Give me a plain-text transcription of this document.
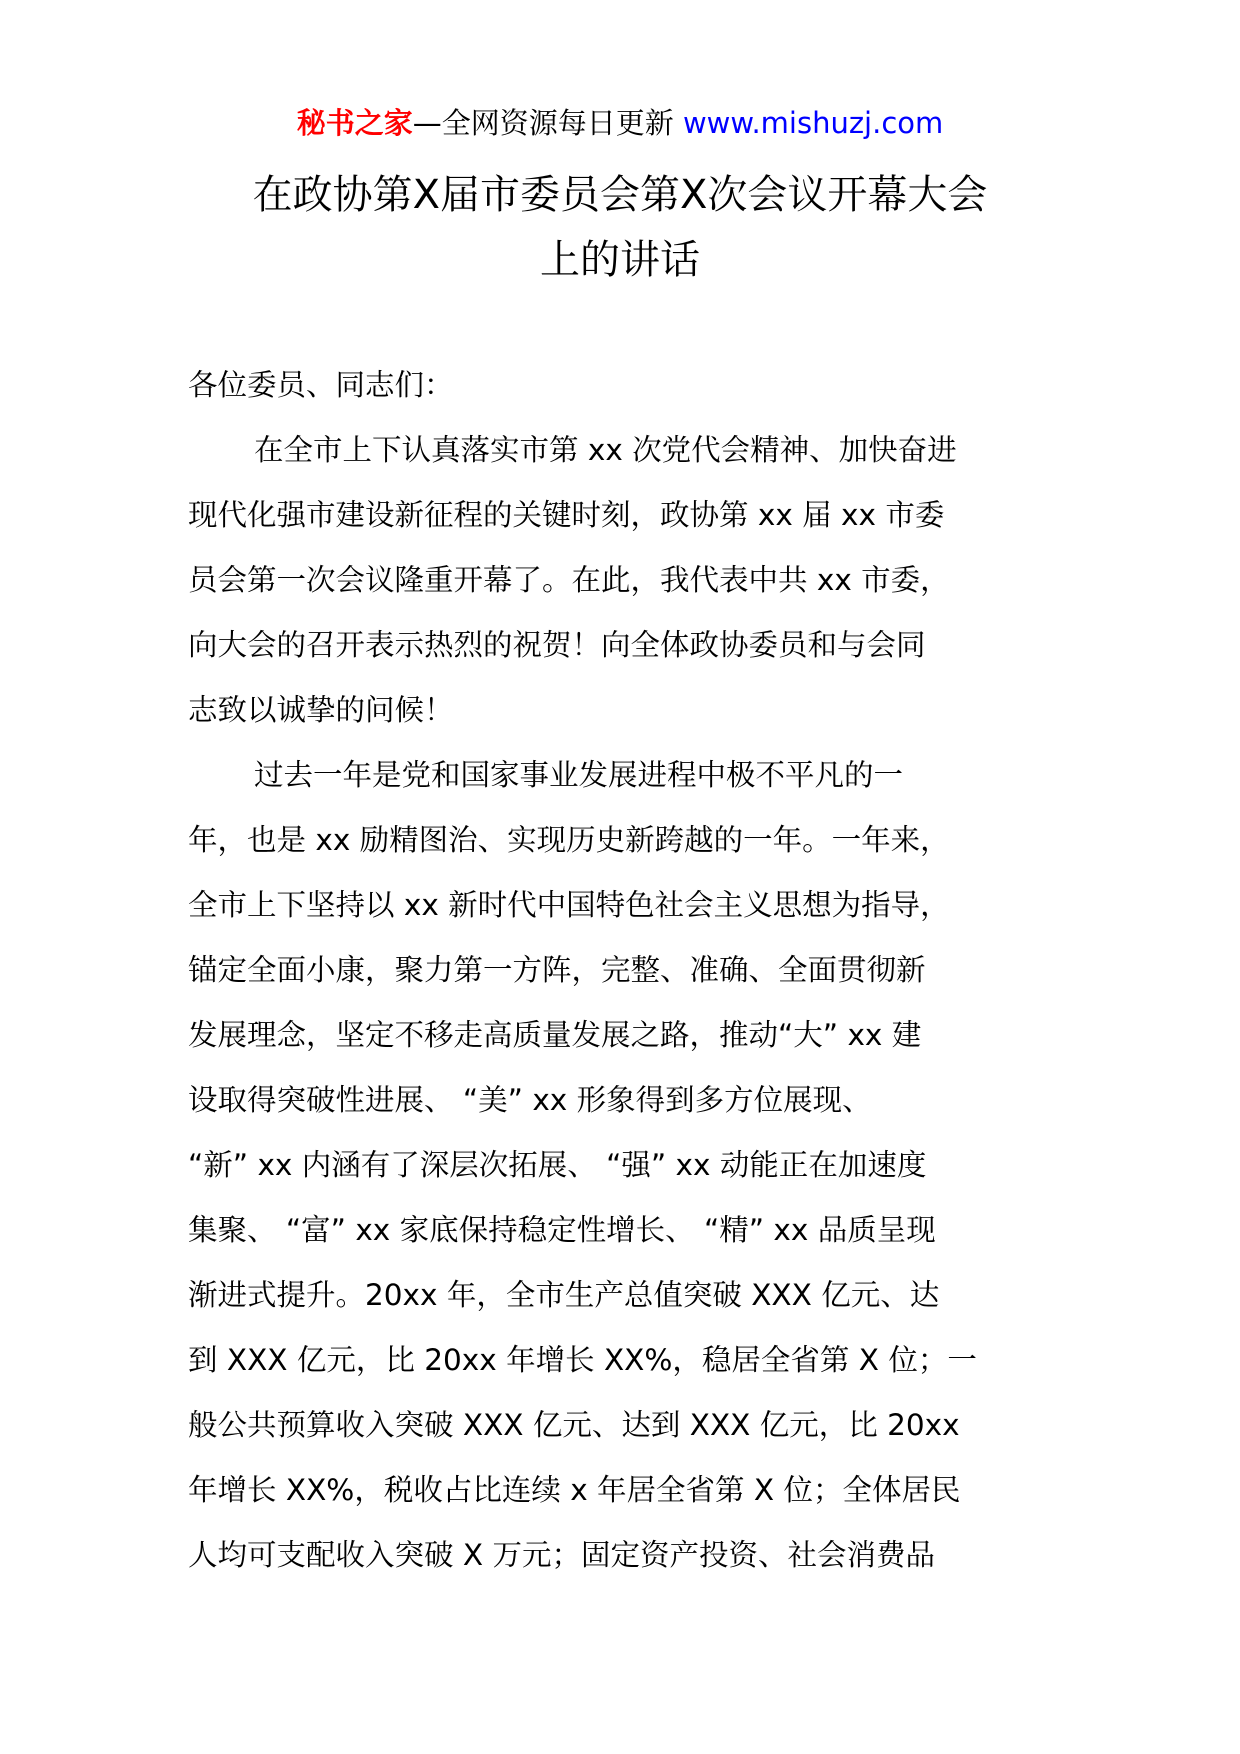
秘书之家—全网资源每日更新 www.mishuzj.com
在政协第Ⅹ届市委员会第Ⅹ次会议开幕大会
上的讲话
各位委员、同志们：
在全市上下认真落实市第 xx 次党代会精神、加快奋进
现代化强市建设新征程的关键时刻，政协第 xx 届 xx 市委
员会第一次会议隆重开幕了。在此，我代表中共 xx 市委，
向大会的召开表示热烈的祝贺！向全体政协委员和与会同
志致以诚挚的问候！
过去一年是党和国家事业发展进程中极不平凡的一
年，也是 xx 励精图治、实现历史新跨越的一年。一年来，
全市上下坚持以 xx 新时代中国特色社会主义思想为指导，
锚定全面小康，聚力第一方阵，完整、准确、全面贯彻新
发展理念，坚定不移走高质量发展之路，推动“大” xx 建
设取得突破性进展、 “美” xx 形象得到多方位展现、
“新” xx 内涵有了深层次拓展、 “强” xx 动能正在加速度
集聚、 “富” xx 家底保持稳定性增长、 “精” xx 品质呈现
渐进式提升。20xx 年，全市生产总值突破 XXX 亿元、达
到 XXX 亿元，比 20xx 年增长 XX%，稳居全省第 X 位；一
般公共预算收入突破 XXX 亿元、达到 XXX 亿元，比 20xx
年增长 XX%，税收占比连续 x 年居全省第 X 位；全体居民
人均可支配收入突破 X 万元；固定资产投资、社会消费品
